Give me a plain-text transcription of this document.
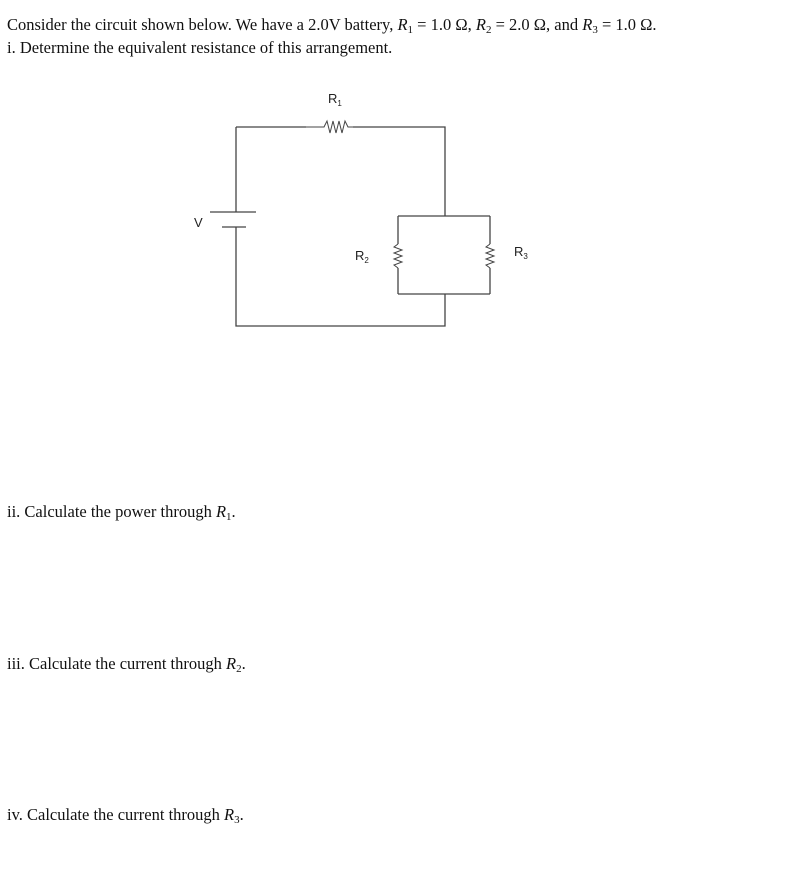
Consider the circuit shown below. We have a 2.0V battery, $R_1 = 1.0$ Ω, $R_2 = 2.0$ Ω, and $R_3 = 1.0$ Ω.
i. Determine the equivalent resistance of this arrangement.
V
$R_1$
$R_2$
$R_3$
ii. Calculate the power through $R_1$.
iii. Calculate the current through $R_2$.
iv. Calculate the current through $R_3$.
